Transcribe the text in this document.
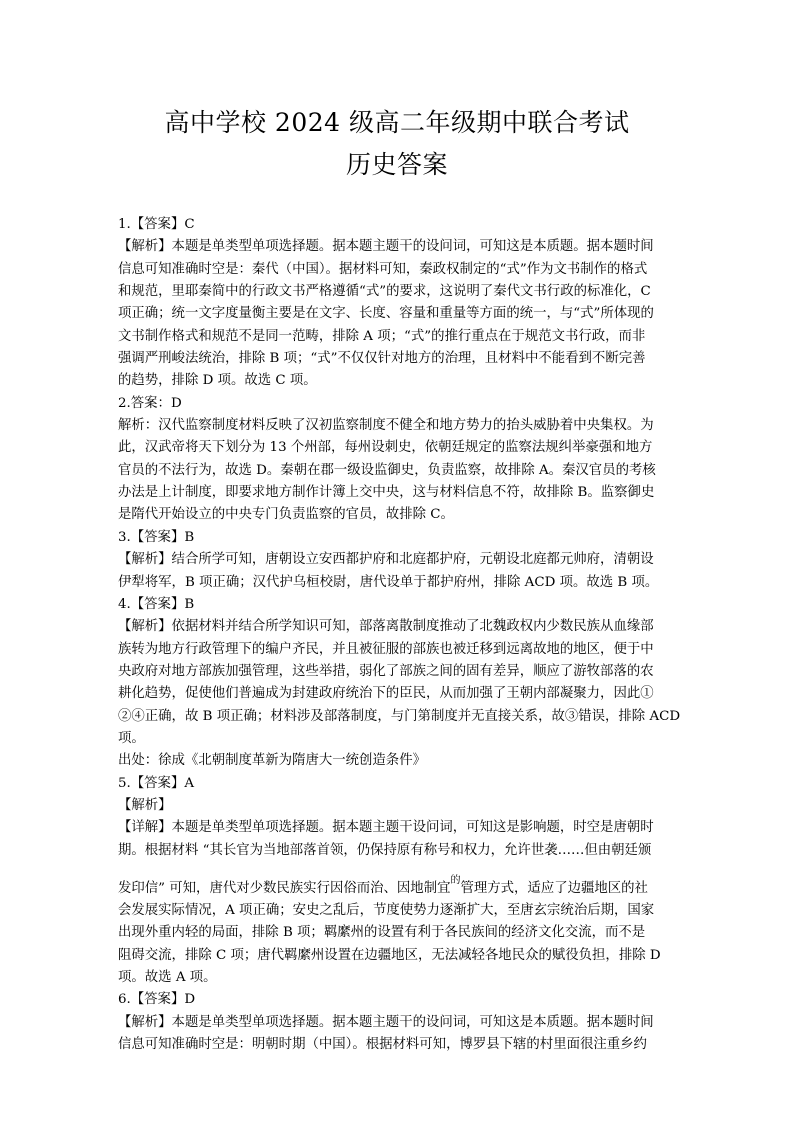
高中学校 2024 级高二年级期中联合考试
历史答案
1.【答案】C
【解析】本题是单类型单项选择题。据本题主题干的设问词，可知这是本质题。据本题时间
信息可知准确时空是：秦代（中国）。据材料可知，秦政权制定的“式”作为文书制作的格式
和规范，里耶秦简中的行政文书严格遵循“式”的要求，这说明了秦代文书行政的标准化，C
项正确；统一文字度量衡主要是在文字、长度、容量和重量等方面的统一，与“式”所体现的
文书制作格式和规范不是同一范畴，排除 A 项；“式”的推行重点在于规范文书行政，而非
强调严刑峻法统治，排除 B 项；“式”不仅仅针对地方的治理，且材料中不能看到不断完善
的趋势，排除 D 项。故选 C 项。
2.答案：D
解析：汉代监察制度材料反映了汉初监察制度不健全和地方势力的抬头威胁着中央集权。为
此，汉武帝将天下划分为 13 个州部，每州设刺史，依朝廷规定的监察法规纠举豪强和地方
官员的不法行为，故选 D。秦朝在郡一级设监御史，负责监察，故排除 A。秦汉官员的考核
办法是上计制度，即要求地方制作计簿上交中央，这与材料信息不符，故排除 B。监察御史
是隋代开始设立的中央专门负责监察的官员，故排除 C。
3.【答案】B
【解析】结合所学可知，唐朝设立安西都护府和北庭都护府，元朝设北庭都元帅府，清朝设
伊犁将军，B 项正确；汉代护乌桓校尉，唐代设单于都护府州，排除 ACD 项。故选 B 项。
4.【答案】B
【解析】依据材料并结合所学知识可知，部落离散制度推动了北魏政权内少数民族从血缘部
族转为地方行政管理下的编户齐民，并且被征服的部族也被迁移到远离故地的地区，便于中
央政府对地方部族加强管理，这些举措，弱化了部族之间的固有差异，顺应了游牧部落的农
耕化趋势，促使他们普遍成为封建政府统治下的臣民，从而加强了王朝内部凝聚力，因此①
②④正确，故 B 项正确；材料涉及部落制度，与门第制度并无直接关系，故③错误，排除 ACD
项。
出处：徐成《北朝制度革新为隋唐大一统创造条件》
5.【答案】A
【解析】
【详解】本题是单类型单项选择题。据本题主题干设问词，可知这是影响题，时空是唐朝时
期。根据材料 “其长官为当地部落首领，仍保持原有称号和权力，允许世袭……但由朝廷颁
发印信” 可知，唐代对少数民族实行因俗而治、因地制宜$^的$管理方式，适应了边疆地区的社
会发展实际情况，A 项正确；安史之乱后，节度使势力逐渐扩大，至唐玄宗统治后期，国家
出现外重内轻的局面，排除 B 项；羁縻州的设置有利于各民族间的经济文化交流，而不是
阻碍交流，排除 C 项；唐代羁縻州设置在边疆地区，无法减轻各地民众的赋役负担，排除 D
项。故选 A 项。
6.【答案】D
【解析】本题是单类型单项选择题。据本题主题干的设问词，可知这是本质题。据本题时间
信息可知准确时空是：明朝时期（中国）。根据材料可知，博罗县下辖的村里面很注重乡约
